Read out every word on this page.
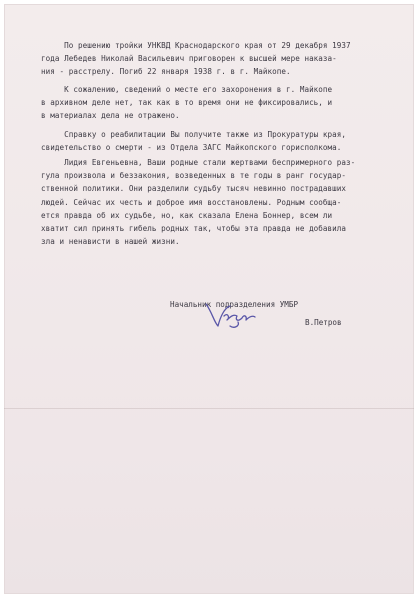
По решению тройки УНКВД Краснодарского края от 29 декабря 1937
года Лебедев Николай Васильевич приговорен к высшей мере наказа-
ния - расстрелу. Погиб 22 января 1938 г. в г. Майкопе.

К сожалению, сведений о месте его захоронения в г. Майкопе
в архивном деле нет, так как в то время они не фиксировались, и
в материалах дела не отражено.

Справку о реабилитации Вы получите также из Прокуратуры края,
свидетельство о смерти - из Отдела ЗАГС Майкопского горисполкома.

Лидия Евгеньевна, Ваши родные стали жертвами беспримерного раз-
гула произвола и беззакония, возведенных в те годы в ранг государ-
ственной политики. Они разделили судьбу тысяч невинно пострадавших
людей. Сейчас их честь и доброе имя восстановлены. Родным сообща-
ется правда об их судьбе, но, как сказала Елена Боннер, всем ли
хватит сил принять гибель родных так, чтобы эта правда не добавила
зла и ненависти в нашей жизни.

Начальник подразделения УМБР
В.Петров
